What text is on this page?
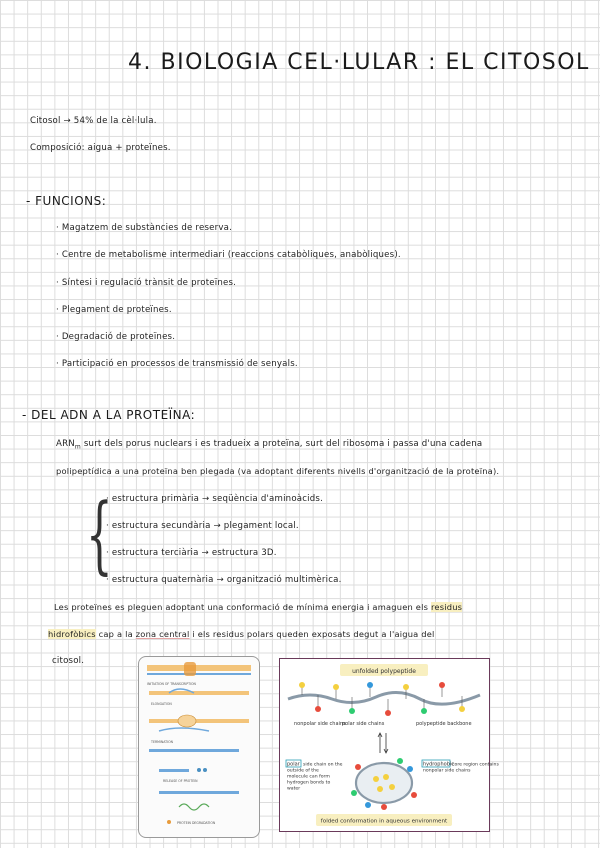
4. BIOLOGIA CEL·LULAR : EL CITOSOL
Citosol → 54% de la cèl·lula.
Composició: aigua + proteïnes.
- FUNCIONS:
· Magatzem de substàncies de reserva.
· Centre de metabolisme intermediari (reaccions catabòliques, anabòliques).
· Síntesi i regulació trànsit de proteïnes.
· Plegament de proteïnes.
· Degradació de proteïnes.
· Participació en processos de transmissió de senyals.
- DEL ADN A LA PROTEÏNA:
$ARN_m$ surt dels porus nuclears i es tradueix a proteïna, surt del ribosoma i passa d'una cadena
polipeptídica a una proteïna ben plegada (va adoptant diferents nivells d'organització de la proteïna).
{
· estructura primària → seqüència d'aminoàcids.
· estructura secundària → plegament local.
· estructura terciària → estructura 3D.
· estructura quaternària → organització multimèrica.
Les proteïnes es pleguen adoptant una conformació de mínima energia i amaguen els residus
hidrofòbics cap a la zona central i els residus polars queden exposats degut a l'aigua del
citosol.
INITIATION OF TRANSCRIPTION
ELONGATION
TERMINATION
RELEASE OF PROTEIN
PROTEIN DEGRADATION
unfolded polypeptide
nonpolar side chains
polar side chains	polypeptide backbone
polar side chain on the outside of the molecule can form hydrogen bonds to water
hydrophobic
core region contains nonpolar side chains
folded conformation in aqueous environment
